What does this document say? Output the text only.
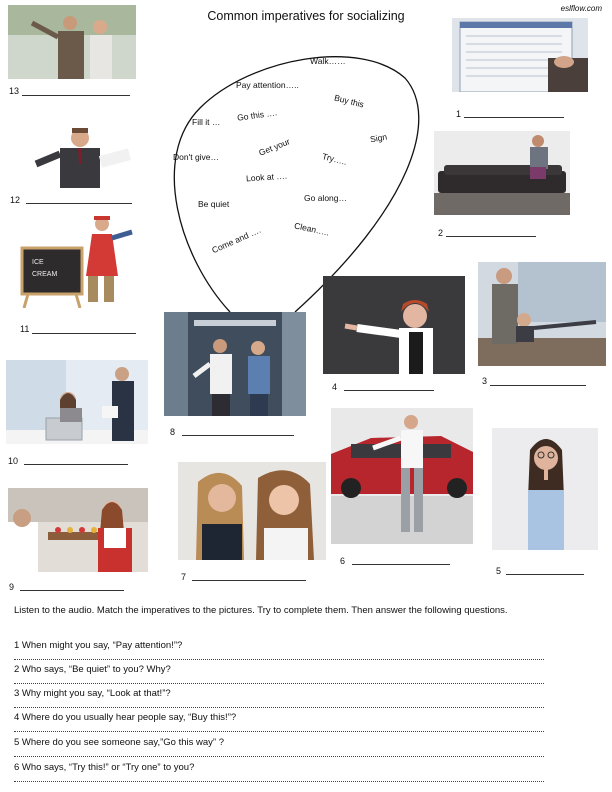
Common imperatives for socializing
eslflow.com
Walk……
Pay attention…..
Buy this
Fill it … Go this ….
Sign
Don't give…	Get your
Try…..
Look at ….
Be quiet
Go along…
Clean…..
Come and ….
13
1
12
2
ICE
CREAM
11
3
4
8
10
6
5
7
9
Listen to the audio. Match the imperatives to the pictures. Try to complete them. Then answer the following questions.
1 When might you say, “Pay attention!”?
2 Who says, “Be quiet” to you? Why?
3 Why might you say, “Look at that!”?
4 Where do you usually hear people say, “Buy this!”?
5 Where do you see someone say,”Go this way” ?
6 Who says, “Try this!” or “Try one” to you?
